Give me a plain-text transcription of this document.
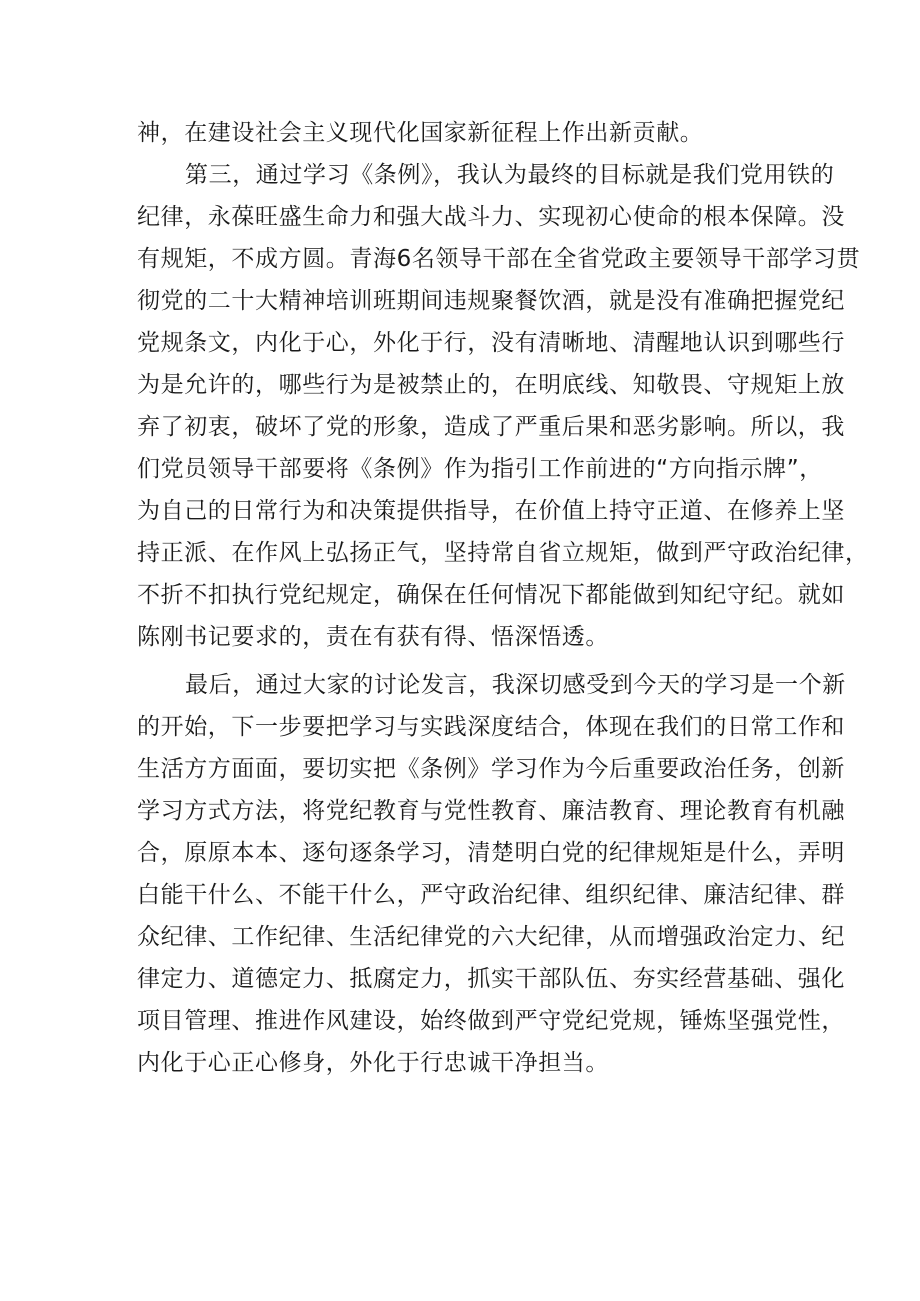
神，在建设社会主义现代化国家新征程上作出新贡献。
第三，通过学习《条例》，我认为最终的目标就是我们党用铁的
纪律，永葆旺盛生命力和强大战斗力、实现初心使命的根本保障。没
有规矩，不成方圆。青海6名领导干部在全省党政主要领导干部学习贯
彻党的二十大精神培训班期间违规聚餐饮酒，就是没有准确把握党纪
党规条文，内化于心，外化于行，没有清晰地、清醒地认识到哪些行
为是允许的，哪些行为是被禁止的，在明底线、知敬畏、守规矩上放
弃了初衷，破坏了党的形象，造成了严重后果和恶劣影响。所以，我
们党员领导干部要将《条例》作为指引工作前进的“方向指示牌”，
为自己的日常行为和决策提供指导，在价值上持守正道、在修养上坚
持正派、在作风上弘扬正气，坚持常自省立规矩，做到严守政治纪律，
不折不扣执行党纪规定，确保在任何情况下都能做到知纪守纪。就如
陈刚书记要求的，责在有获有得、悟深悟透。
最后，通过大家的讨论发言，我深切感受到今天的学习是一个新
的开始，下一步要把学习与实践深度结合，体现在我们的日常工作和
生活方方面面，要切实把《条例》学习作为今后重要政治任务，创新
学习方式方法，将党纪教育与党性教育、廉洁教育、理论教育有机融
合，原原本本、逐句逐条学习，清楚明白党的纪律规矩是什么，弄明
白能干什么、不能干什么，严守政治纪律、组织纪律、廉洁纪律、群
众纪律、工作纪律、生活纪律党的六大纪律，从而增强政治定力、纪
律定力、道德定力、抵腐定力，抓实干部队伍、夯实经营基础、强化
项目管理、推进作风建设，始终做到严守党纪党规，锤炼坚强党性，
内化于心正心修身，外化于行忠诚干净担当。
